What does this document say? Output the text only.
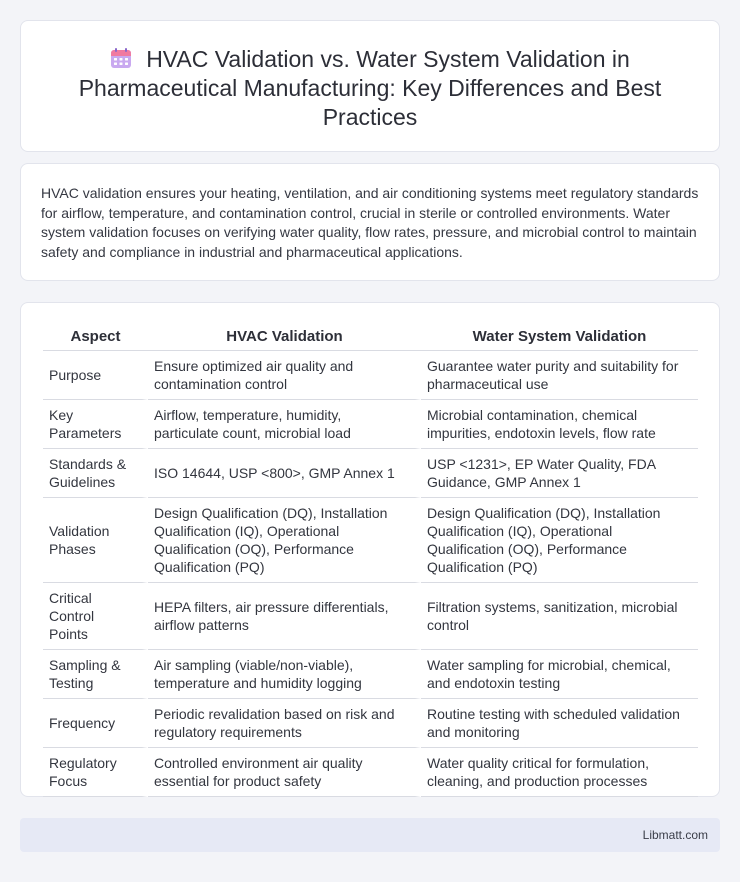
HVAC Validation vs. Water System Validation in Pharmaceutical Manufacturing: Key Differences and Best Practices

HVAC validation ensures your heating, ventilation, and air conditioning systems meet regulatory standards for airflow, temperature, and contamination control, crucial in sterile or controlled environments. Water system validation focuses on verifying water quality, flow rates, pressure, and microbial control to maintain safety and compliance in industrial and pharmaceutical applications.

Aspect	HVAC Validation	Water System Validation
Purpose	Ensure optimized air quality and contamination control	Guarantee water purity and suitability for pharmaceutical use
Key Parameters	Airflow, temperature, humidity, particulate count, microbial load	Microbial contamination, chemical impurities, endotoxin levels, flow rate
Standards & Guidelines	ISO 14644, USP <800>, GMP Annex 1	USP <1231>, EP Water Quality, FDA Guidance, GMP Annex 1
Validation Phases	Design Qualification (DQ), Installation Qualification (IQ), Operational Qualification (OQ), Performance Qualification (PQ)	Design Qualification (DQ), Installation Qualification (IQ), Operational Qualification (OQ), Performance Qualification (PQ)
Critical Control Points	HEPA filters, air pressure differentials, airflow patterns	Filtration systems, sanitization, microbial control
Sampling & Testing	Air sampling (viable/non-viable), temperature and humidity logging	Water sampling for microbial, chemical, and endotoxin testing
Frequency	Periodic revalidation based on risk and regulatory requirements	Routine testing with scheduled validation and monitoring
Regulatory Focus	Controlled environment air quality essential for product safety	Water quality critical for formulation, cleaning, and production processes
Libmatt.com
